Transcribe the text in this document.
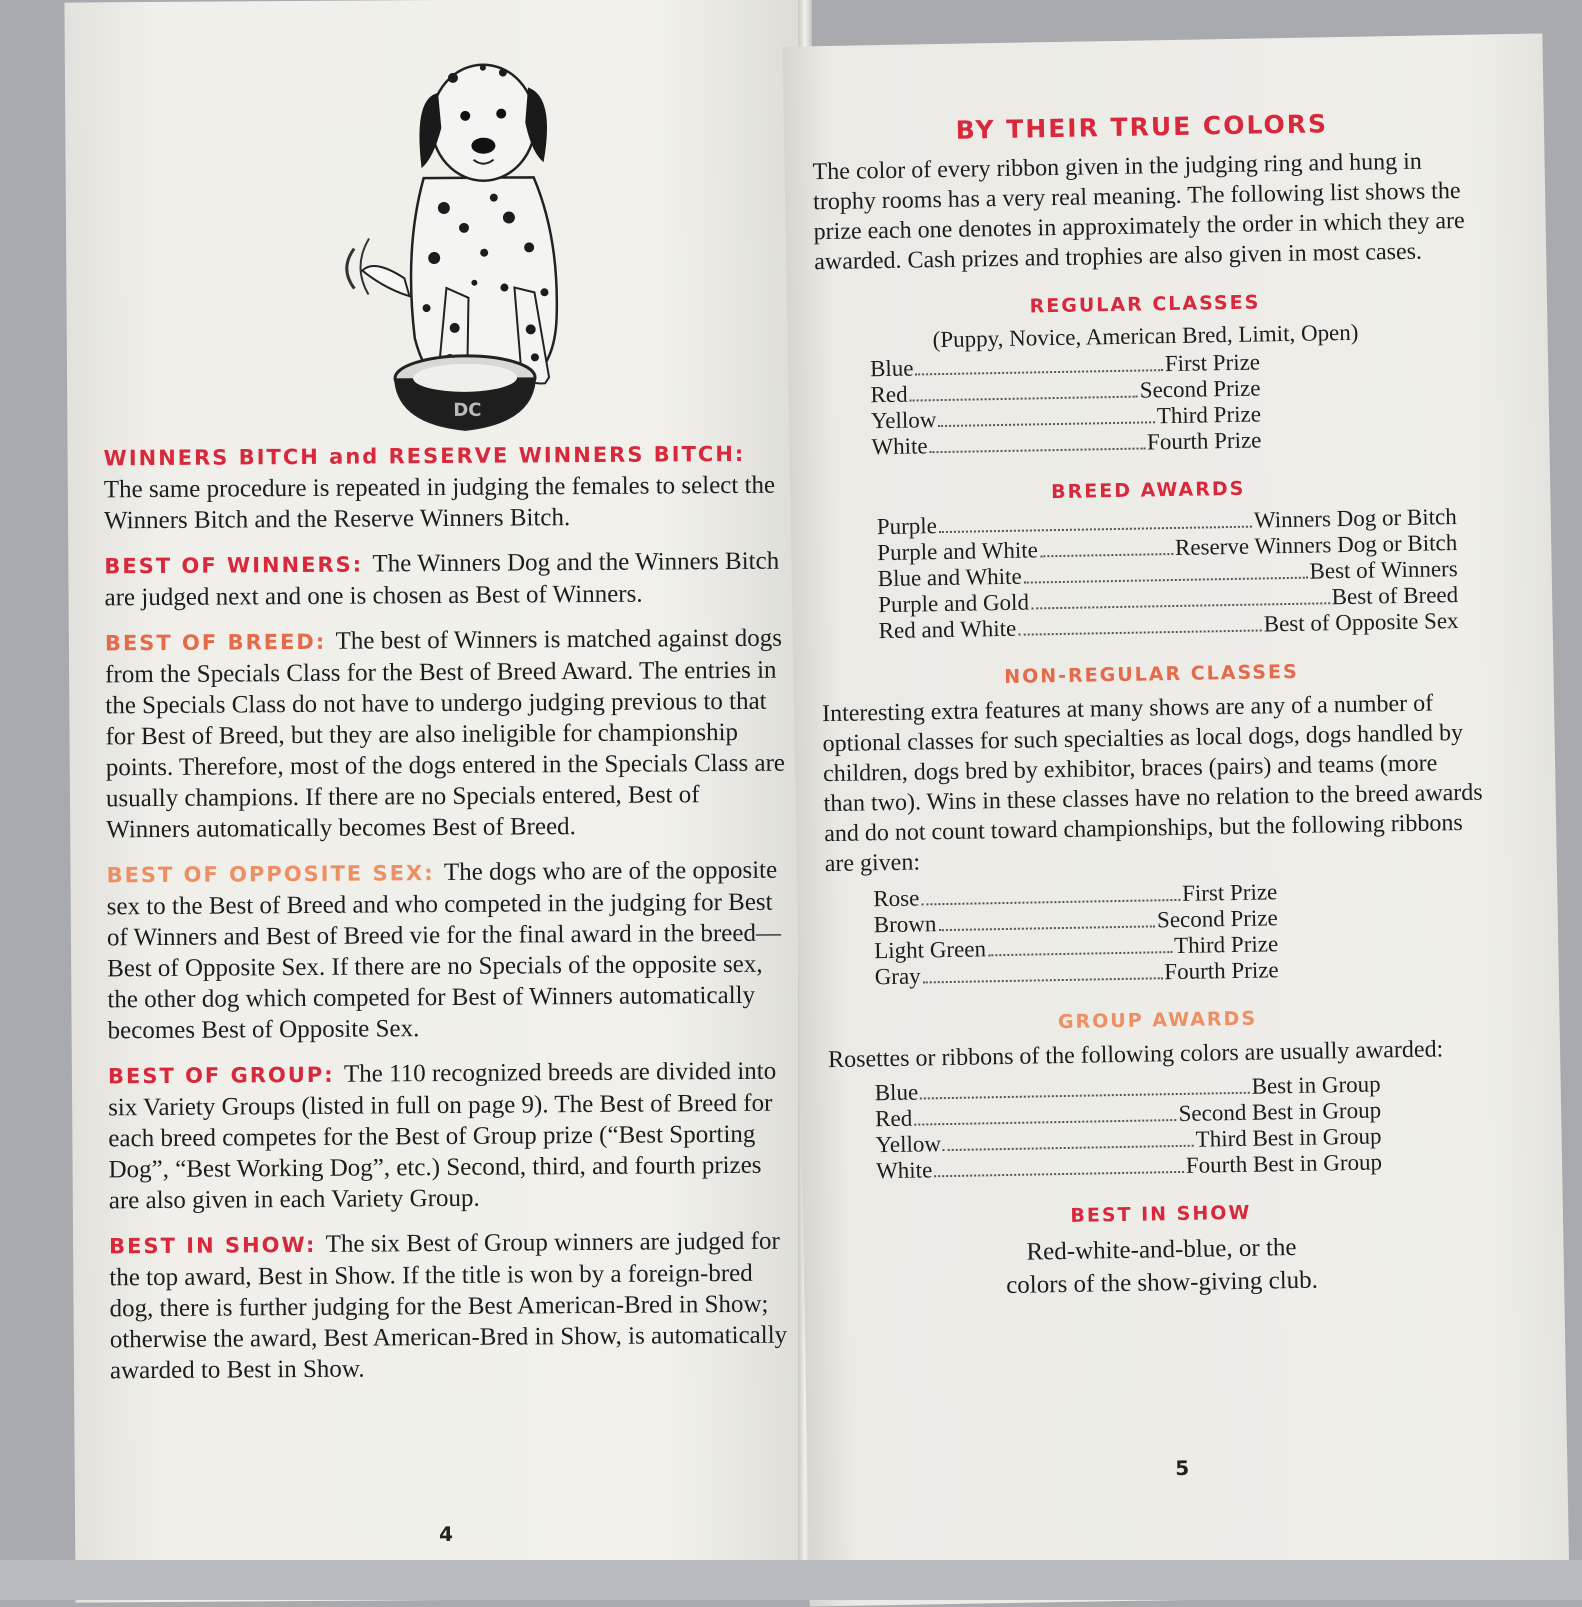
DC

WINNERS BITCH and RESERVE WINNERS BITCH: The same procedure is repeated in judging the females to select the Winners Bitch and the Reserve Winners Bitch.

BEST OF WINNERS: The Winners Dog and the Winners Bitch are judged next and one is chosen as Best of Winners.

BEST OF BREED: The best of Winners is matched against dogs from the Specials Class for the Best of Breed Award. The entries in the Specials Class do not have to undergo judging previous to that for Best of Breed, but they are also ineligible for championship points. Therefore, most of the dogs entered in the Specials Class are usually champions. If there are no Specials entered, Best of Winners automatically becomes Best of Breed.

BEST OF OPPOSITE SEX: The dogs who are of the opposite sex to the Best of Breed and who competed in the judging for Best of Winners and Best of Breed vie for the final award in the breed—Best of Opposite Sex. If there are no Specials of the opposite sex, the other dog which competed for Best of Winners automatically becomes Best of Opposite Sex.

BEST OF GROUP: The 110 recognized breeds are divided into six Variety Groups (listed in full on page 9). The Best of Breed for each breed competes for the Best of Group prize (“Best Sporting Dog”, “Best Working Dog”, etc.) Second, third, and fourth prizes are also given in each Variety Group.

BEST IN SHOW: The six Best of Group winners are judged for the top award, Best in Show. If the title is won by a foreign-bred dog, there is further judging for the Best American-Bred in Show; otherwise the award, Best American-Bred in Show, is automatically awarded to Best in Show.

4
BY THEIR TRUE COLORS

The color of every ribbon given in the judging ring and hung in trophy rooms has a very real meaning. The following list shows the prize each one denotes in approximately the order in which they are awarded. Cash prizes and trophies are also given in most cases.

REGULAR CLASSES
(Puppy, Novice, American Bred, Limit, Open)
Blue	First Prize
Red	Second Prize
Yellow	Third Prize
White	Fourth Prize
BREED AWARDS
Purple	Winners Dog or Bitch
Purple and White	Reserve Winners Dog or Bitch
Blue and White	Best of Winners
Purple and Gold	Best of Breed
Red and White	Best of Opposite Sex
NON-REGULAR CLASSES

Interesting extra features at many shows are any of a number of optional classes for such specialties as local dogs, dogs handled by children, dogs bred by exhibitor, braces (pairs) and teams (more than two). Wins in these classes have no relation to the breed awards and do not count toward championships, but the following ribbons are given:

Rose	First Prize
Brown	Second Prize
Light Green	Third Prize
Gray	Fourth Prize
GROUP AWARDS

Rosettes or ribbons of the following colors are usually awarded:

Blue	Best in Group
Red	Second Best in Group
Yellow	Third Best in Group
White	Fourth Best in Group
BEST IN SHOW
Red-white-and-blue, or the
colors of the show-giving club.
5
